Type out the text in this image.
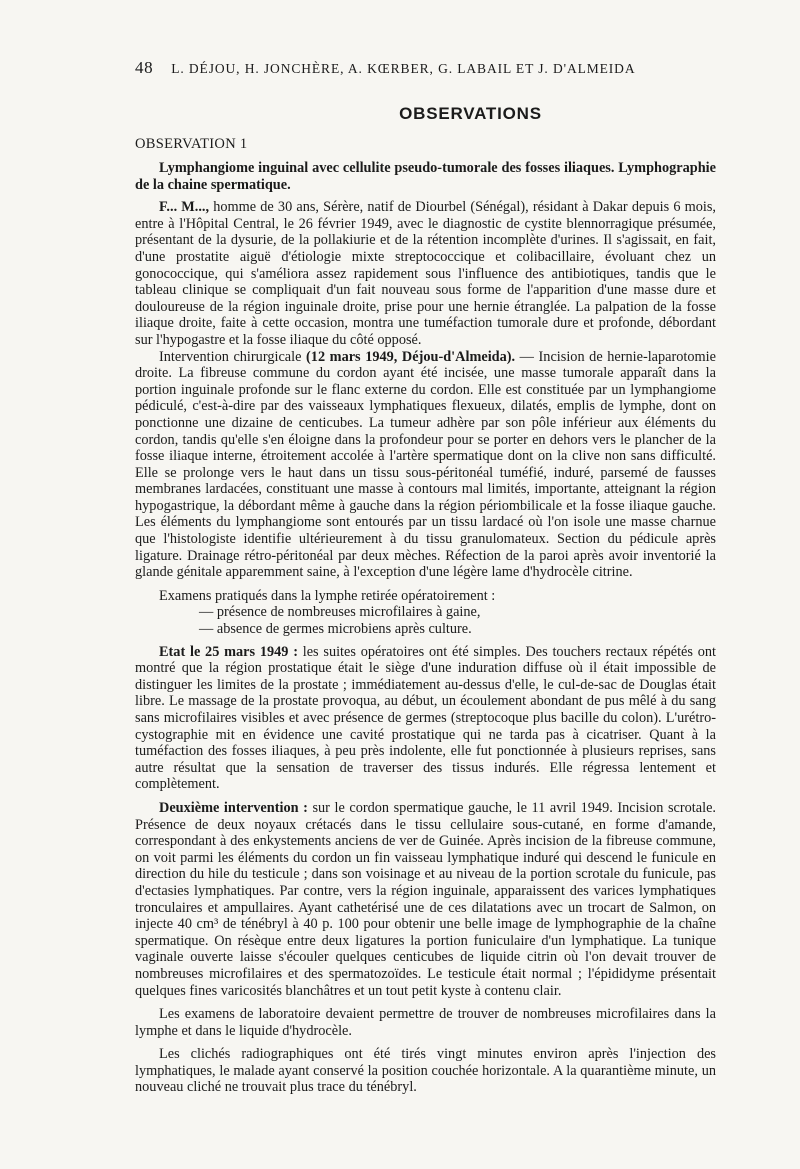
48 L. DÉJOU, H. JONCHÈRE, A. KŒRBER, G. LABAIL ET J. D'ALMEIDA
OBSERVATIONS
OBSERVATION 1

Lymphangiome inguinal avec cellulite pseudo-tumorale des fosses iliaques. Lymphographie de la chaine spermatique.

F... M..., homme de 30 ans, Sérère, natif de Diourbel (Sénégal), résidant à Dakar depuis 6 mois, entre à l'Hôpital Central, le 26 février 1949, avec le diagnostic de cystite blennorragique présumée, présentant de la dysurie, de la pollakiurie et de la rétention incomplète d'urines. Il s'agissait, en fait, d'une prostatite aiguë d'étiologie mixte streptococcique et colibacillaire, évoluant chez un gonococcique, qui s'améliora assez rapidement sous l'influence des antibiotiques, tandis que le tableau clinique se compliquait d'un fait nouveau sous forme de l'apparition d'une masse dure et douloureuse de la région inguinale droite, prise pour une hernie étranglée. La palpation de la fosse iliaque droite, faite à cette occasion, montra une tuméfaction tumorale dure et profonde, débordant sur l'hypogastre et la fosse iliaque du côté opposé.

Intervention chirurgicale (12 mars 1949, Déjou-d'Almeida). — Incision de hernie-laparotomie droite. La fibreuse commune du cordon ayant été incisée, une masse tumorale apparaît dans la portion inguinale profonde sur le flanc externe du cordon. Elle est constituée par un lymphangiome pédiculé, c'est-à-dire par des vaisseaux lymphatiques flexueux, dilatés, emplis de lymphe, dont on ponctionne une dizaine de centicubes. La tumeur adhère par son pôle inférieur aux éléments du cordon, tandis qu'elle s'en éloigne dans la profondeur pour se porter en dehors vers le plancher de la fosse iliaque interne, étroitement accolée à l'artère spermatique dont on la clive non sans difficulté. Elle se prolonge vers le haut dans un tissu sous-péritonéal tuméfié, induré, parsemé de fausses membranes lardacées, constituant une masse à contours mal limités, importante, atteignant la région hypogastrique, la débordant même à gauche dans la région périombilicale et la fosse iliaque gauche. Les éléments du lymphangiome sont entourés par un tissu lardacé où l'on isole une masse charnue que l'histologiste identifie ultérieurement à du tissu granulomateux. Section du pédicule après ligature. Drainage rétro-péritonéal par deux mèches. Réfection de la paroi après avoir inventorié la glande génitale apparemment saine, à l'exception d'une légère lame d'hydrocèle citrine.

Examens pratiqués dans la lymphe retirée opératoirement :

— présence de nombreuses microfilaires à gaine,
— absence de germes microbiens après culture.

Etat le 25 mars 1949 : les suites opératoires ont été simples. Des touchers rectaux répétés ont montré que la région prostatique était le siège d'une induration diffuse où il était impossible de distinguer les limites de la prostate ; immédiatement au-dessus d'elle, le cul-de-sac de Douglas était libre. Le massage de la prostate provoqua, au début, un écoulement abondant de pus mêlé à du sang sans microfilaires visibles et avec présence de germes (streptocoque plus bacille du colon). L'urétro-cystographie mit en évidence une cavité prostatique qui ne tarda pas à cicatriser. Quant à la tuméfaction des fosses iliaques, à peu près indolente, elle fut ponctionnée à plusieurs reprises, sans autre résultat que la sensation de traverser des tissus indurés. Elle régressa lentement et complètement.

Deuxième intervention : sur le cordon spermatique gauche, le 11 avril 1949. Incision scrotale. Présence de deux noyaux crétacés dans le tissu cellulaire sous-cutané, en forme d'amande, correspondant à des enkystements anciens de ver de Guinée. Après incision de la fibreuse commune, on voit parmi les éléments du cordon un fin vaisseau lymphatique induré qui descend le funicule en direction du hile du testicule ; dans son voisinage et au niveau de la portion scrotale du funicule, pas d'ectasies lymphatiques. Par contre, vers la région inguinale, apparaissent des varices lymphatiques tronculaires et ampullaires. Ayant cathetérisé une de ces dilatations avec un trocart de Salmon, on injecte 40 cm³ de ténébryl à 40 p. 100 pour obtenir une belle image de lymphographie de la chaîne spermatique. On résèque entre deux ligatures la portion funiculaire d'un lymphatique. La tunique vaginale ouverte laisse s'écouler quelques centicubes de liquide citrin où l'on devait trouver de nombreuses microfilaires et des spermatozoïdes. Le testicule était normal ; l'épididyme présentait quelques fines varicosités blanchâtres et un tout petit kyste à contenu clair.

Les examens de laboratoire devaient permettre de trouver de nombreuses microfilaires dans la lymphe et dans le liquide d'hydrocèle.

Les clichés radiographiques ont été tirés vingt minutes environ après l'injection des lymphatiques, le malade ayant conservé la position couchée horizontale. A la quarantième minute, un nouveau cliché ne trouvait plus trace du ténébryl.
